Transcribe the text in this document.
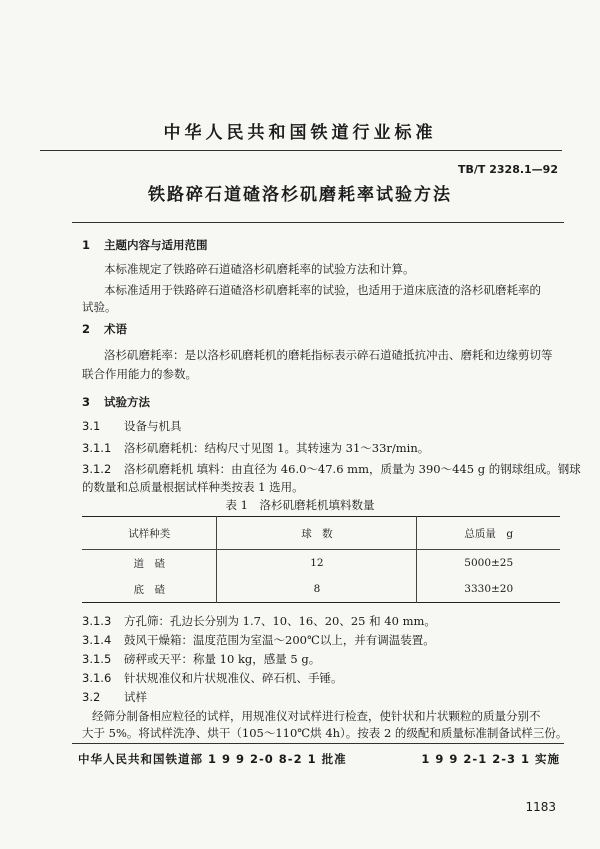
中华人民共和国铁道行业标准
TB/T 2328.1—92
铁路碎石道碴洛杉矶磨耗率试验方法
1 主题内容与适用范围
本标准规定了铁路碎石道碴洛杉矶磨耗率的试验方法和计算。
本标准适用于铁路碎石道碴洛杉矶磨耗率的试验，也适用于道床底渣的洛杉矶磨耗率的
试验。
2 术语
洛杉矶磨耗率：是以洛杉矶磨耗机的磨耗指标表示碎石道碴抵抗冲击、磨耗和边缘剪切等
联合作用能力的参数。
3 试验方法
3.1 设备与机具
3.1.1 洛杉矶磨耗机：结构尺寸见图 1。其转速为 31～33r/min。
3.1.2 洛杉矶磨耗机 填料：由直径为 46.0～47.6 mm，质量为 390～445 g 的钢球组成。钢球
的数量和总质量根据试样种类按表 1 选用。
表 1　洛杉矶磨耗机填料数量
试样种类	球　数	总质量　g
道　碴	12	5000±25
底　碴	8	3330±20
3.1.3 方孔筛：孔边长分别为 1.7、10、16、20、25 和 40 mm。
3.1.4 鼓风干燥箱：温度范围为室温～200℃以上，并有调温装置。
3.1.5 磅秤或天平：称量 10 kg，感量 5 g。
3.1.6 针状规准仪和片状规准仪、碎石机、手锤。
3.2 试样
经筛分制备相应粒径的试样，用规准仪对试样进行检查，使针状和片状颗粒的质量分别不
大于 5%。将试样洗净、烘干（105～110℃烘 4h）。按表 2 的级配和质量标准制备试样三份。
中华人民共和国铁道部 1 9 9 2-0 8-2 1 批准	1 9 9 2-1 2-3 1 实施
1183
